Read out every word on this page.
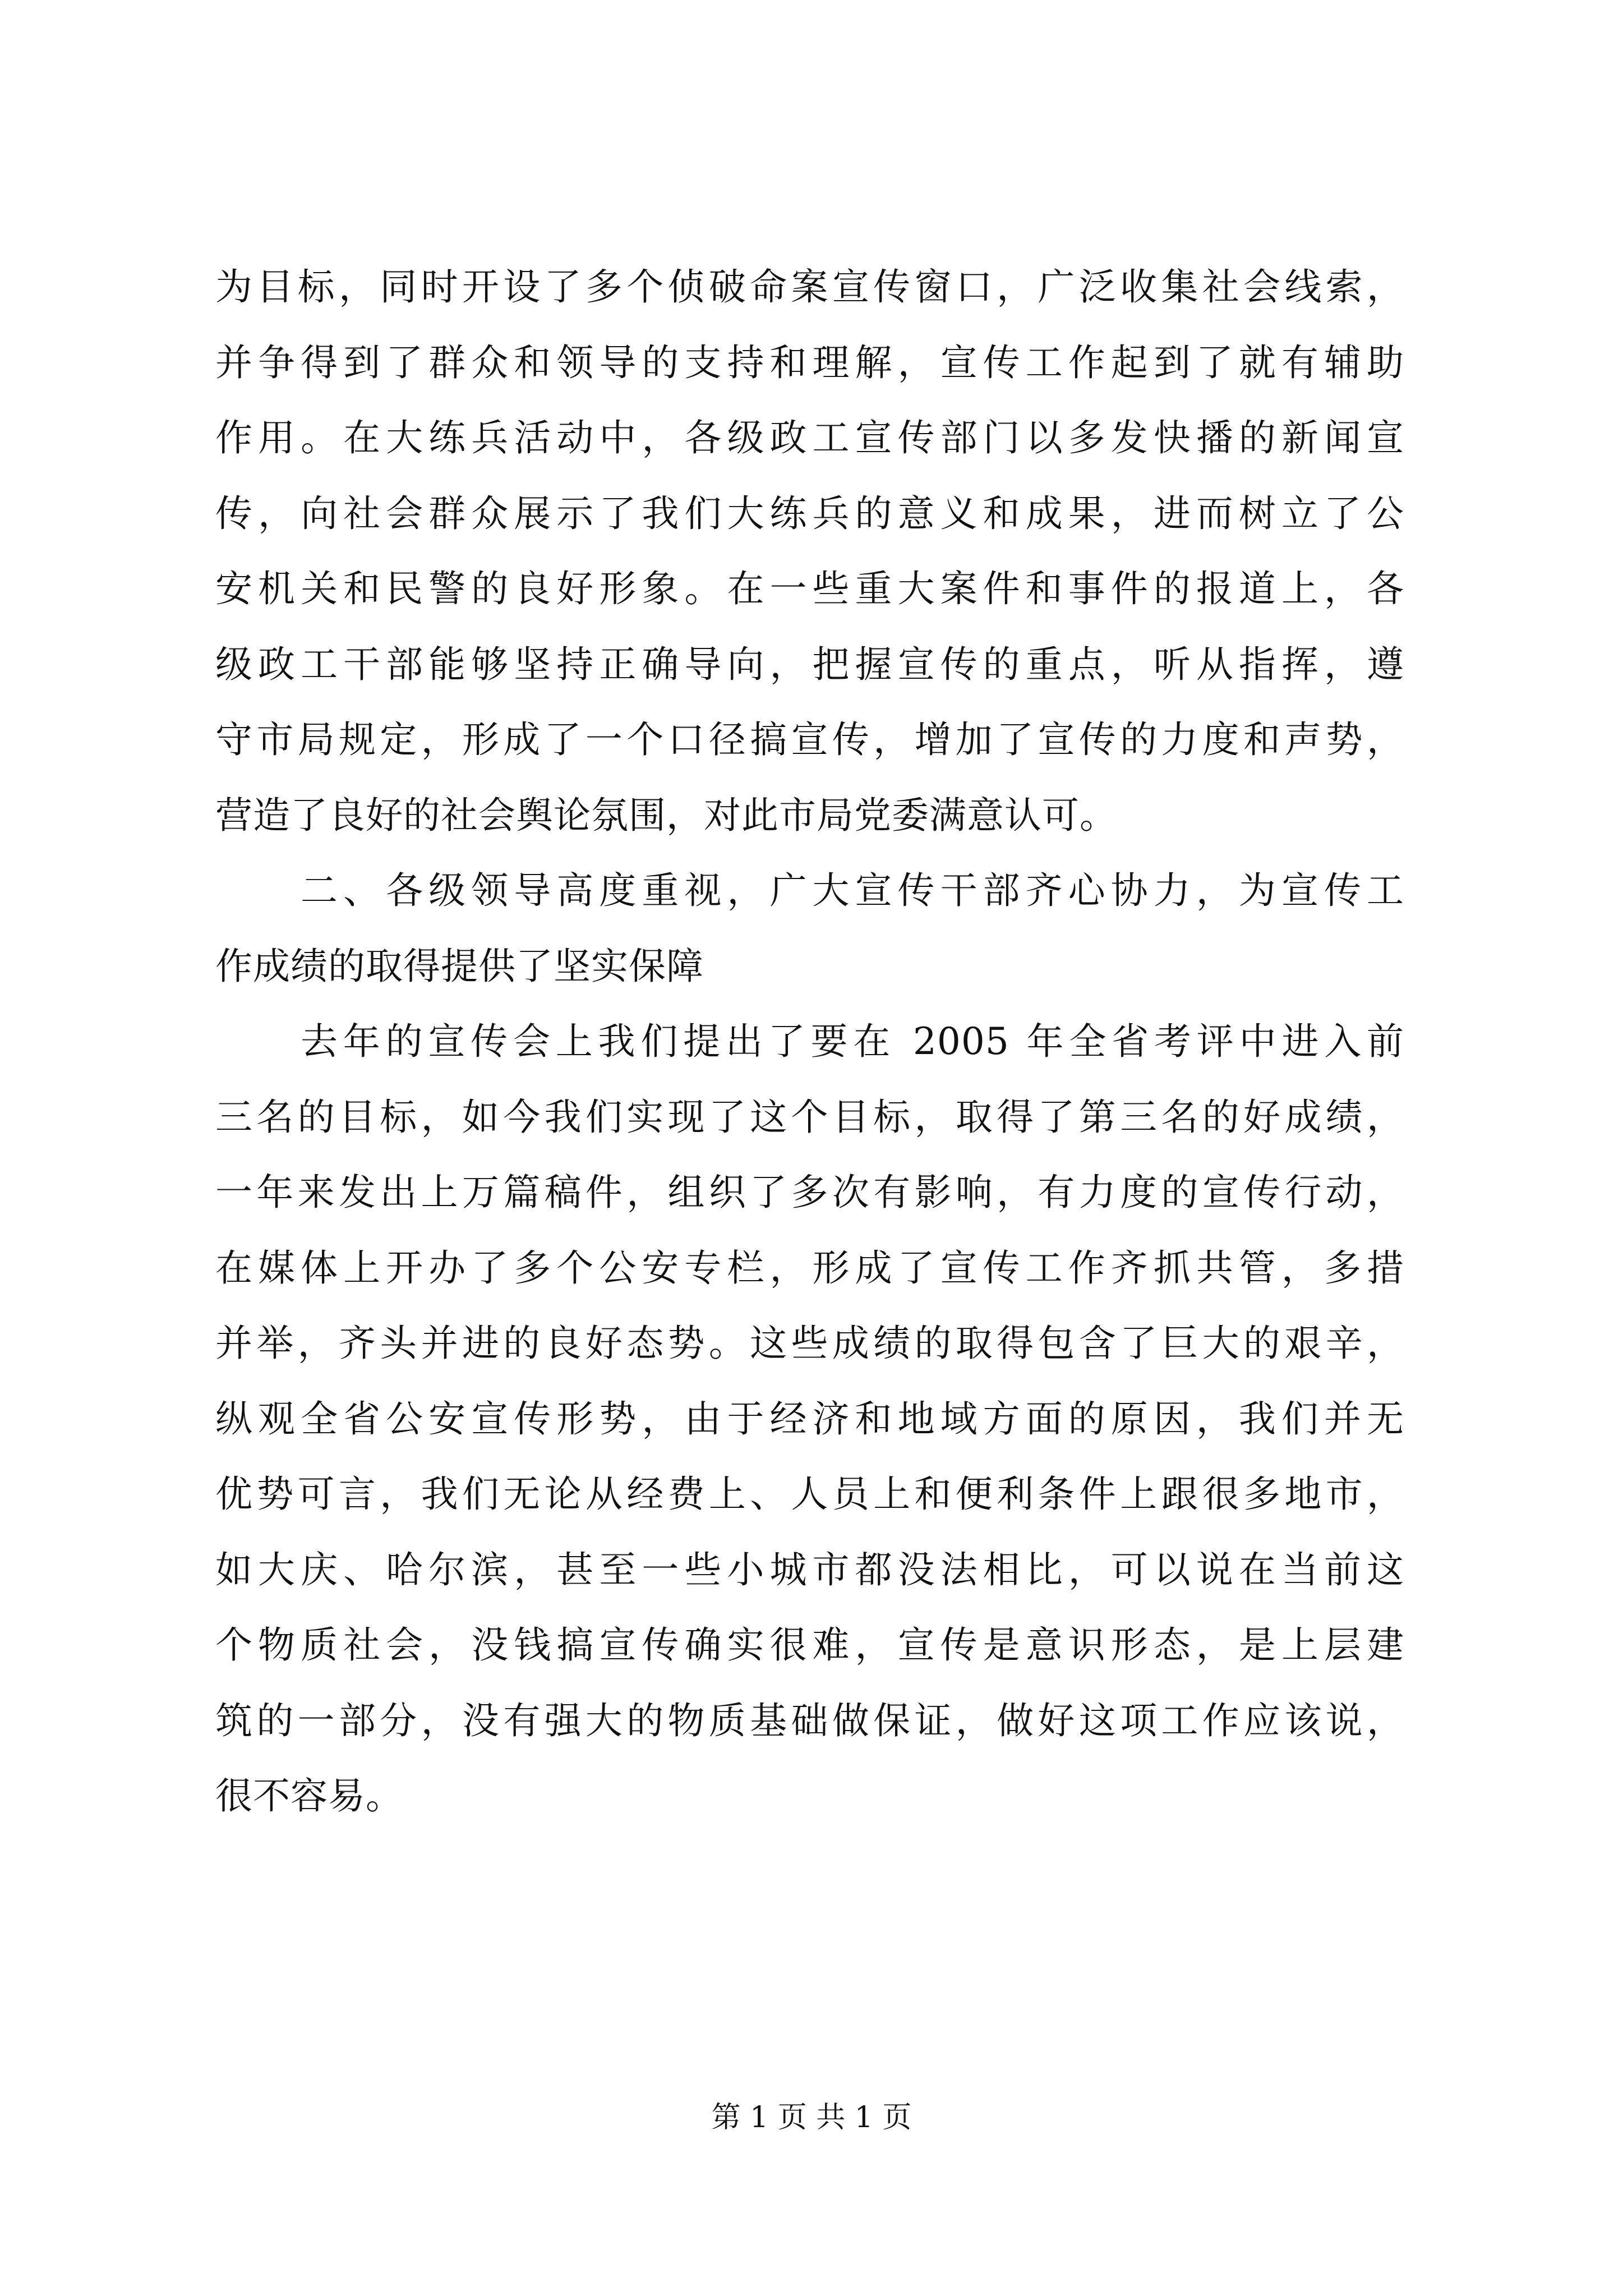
为目标，同时开设了多个侦破命案宣传窗口，广泛收集社会线索，
并争得到了群众和领导的支持和理解，宣传工作起到了就有辅助
作用。在大练兵活动中，各级政工宣传部门以多发快播的新闻宣
传，向社会群众展示了我们大练兵的意义和成果，进而树立了公
安机关和民警的良好形象。在一些重大案件和事件的报道上，各
级政工干部能够坚持正确导向，把握宣传的重点，听从指挥，遵
守市局规定，形成了一个口径搞宣传，增加了宣传的力度和声势，
营造了良好的社会舆论氛围，对此市局党委满意认可。
二、各级领导高度重视，广大宣传干部齐心协力，为宣传工
作成绩的取得提供了坚实保障
去年的宣传会上我们提出了要在 2005 年全省考评中进入前
三名的目标，如今我们实现了这个目标，取得了第三名的好成绩，
一年来发出上万篇稿件，组织了多次有影响，有力度的宣传行动，
在媒体上开办了多个公安专栏，形成了宣传工作齐抓共管，多措
并举，齐头并进的良好态势。这些成绩的取得包含了巨大的艰辛，
纵观全省公安宣传形势，由于经济和地域方面的原因，我们并无
优势可言，我们无论从经费上、人员上和便利条件上跟很多地市，
如大庆、哈尔滨，甚至一些小城市都没法相比，可以说在当前这
个物质社会，没钱搞宣传确实很难，宣传是意识形态，是上层建
筑的一部分，没有强大的物质基础做保证，做好这项工作应该说，
很不容易。
第 1 页 共 1 页
